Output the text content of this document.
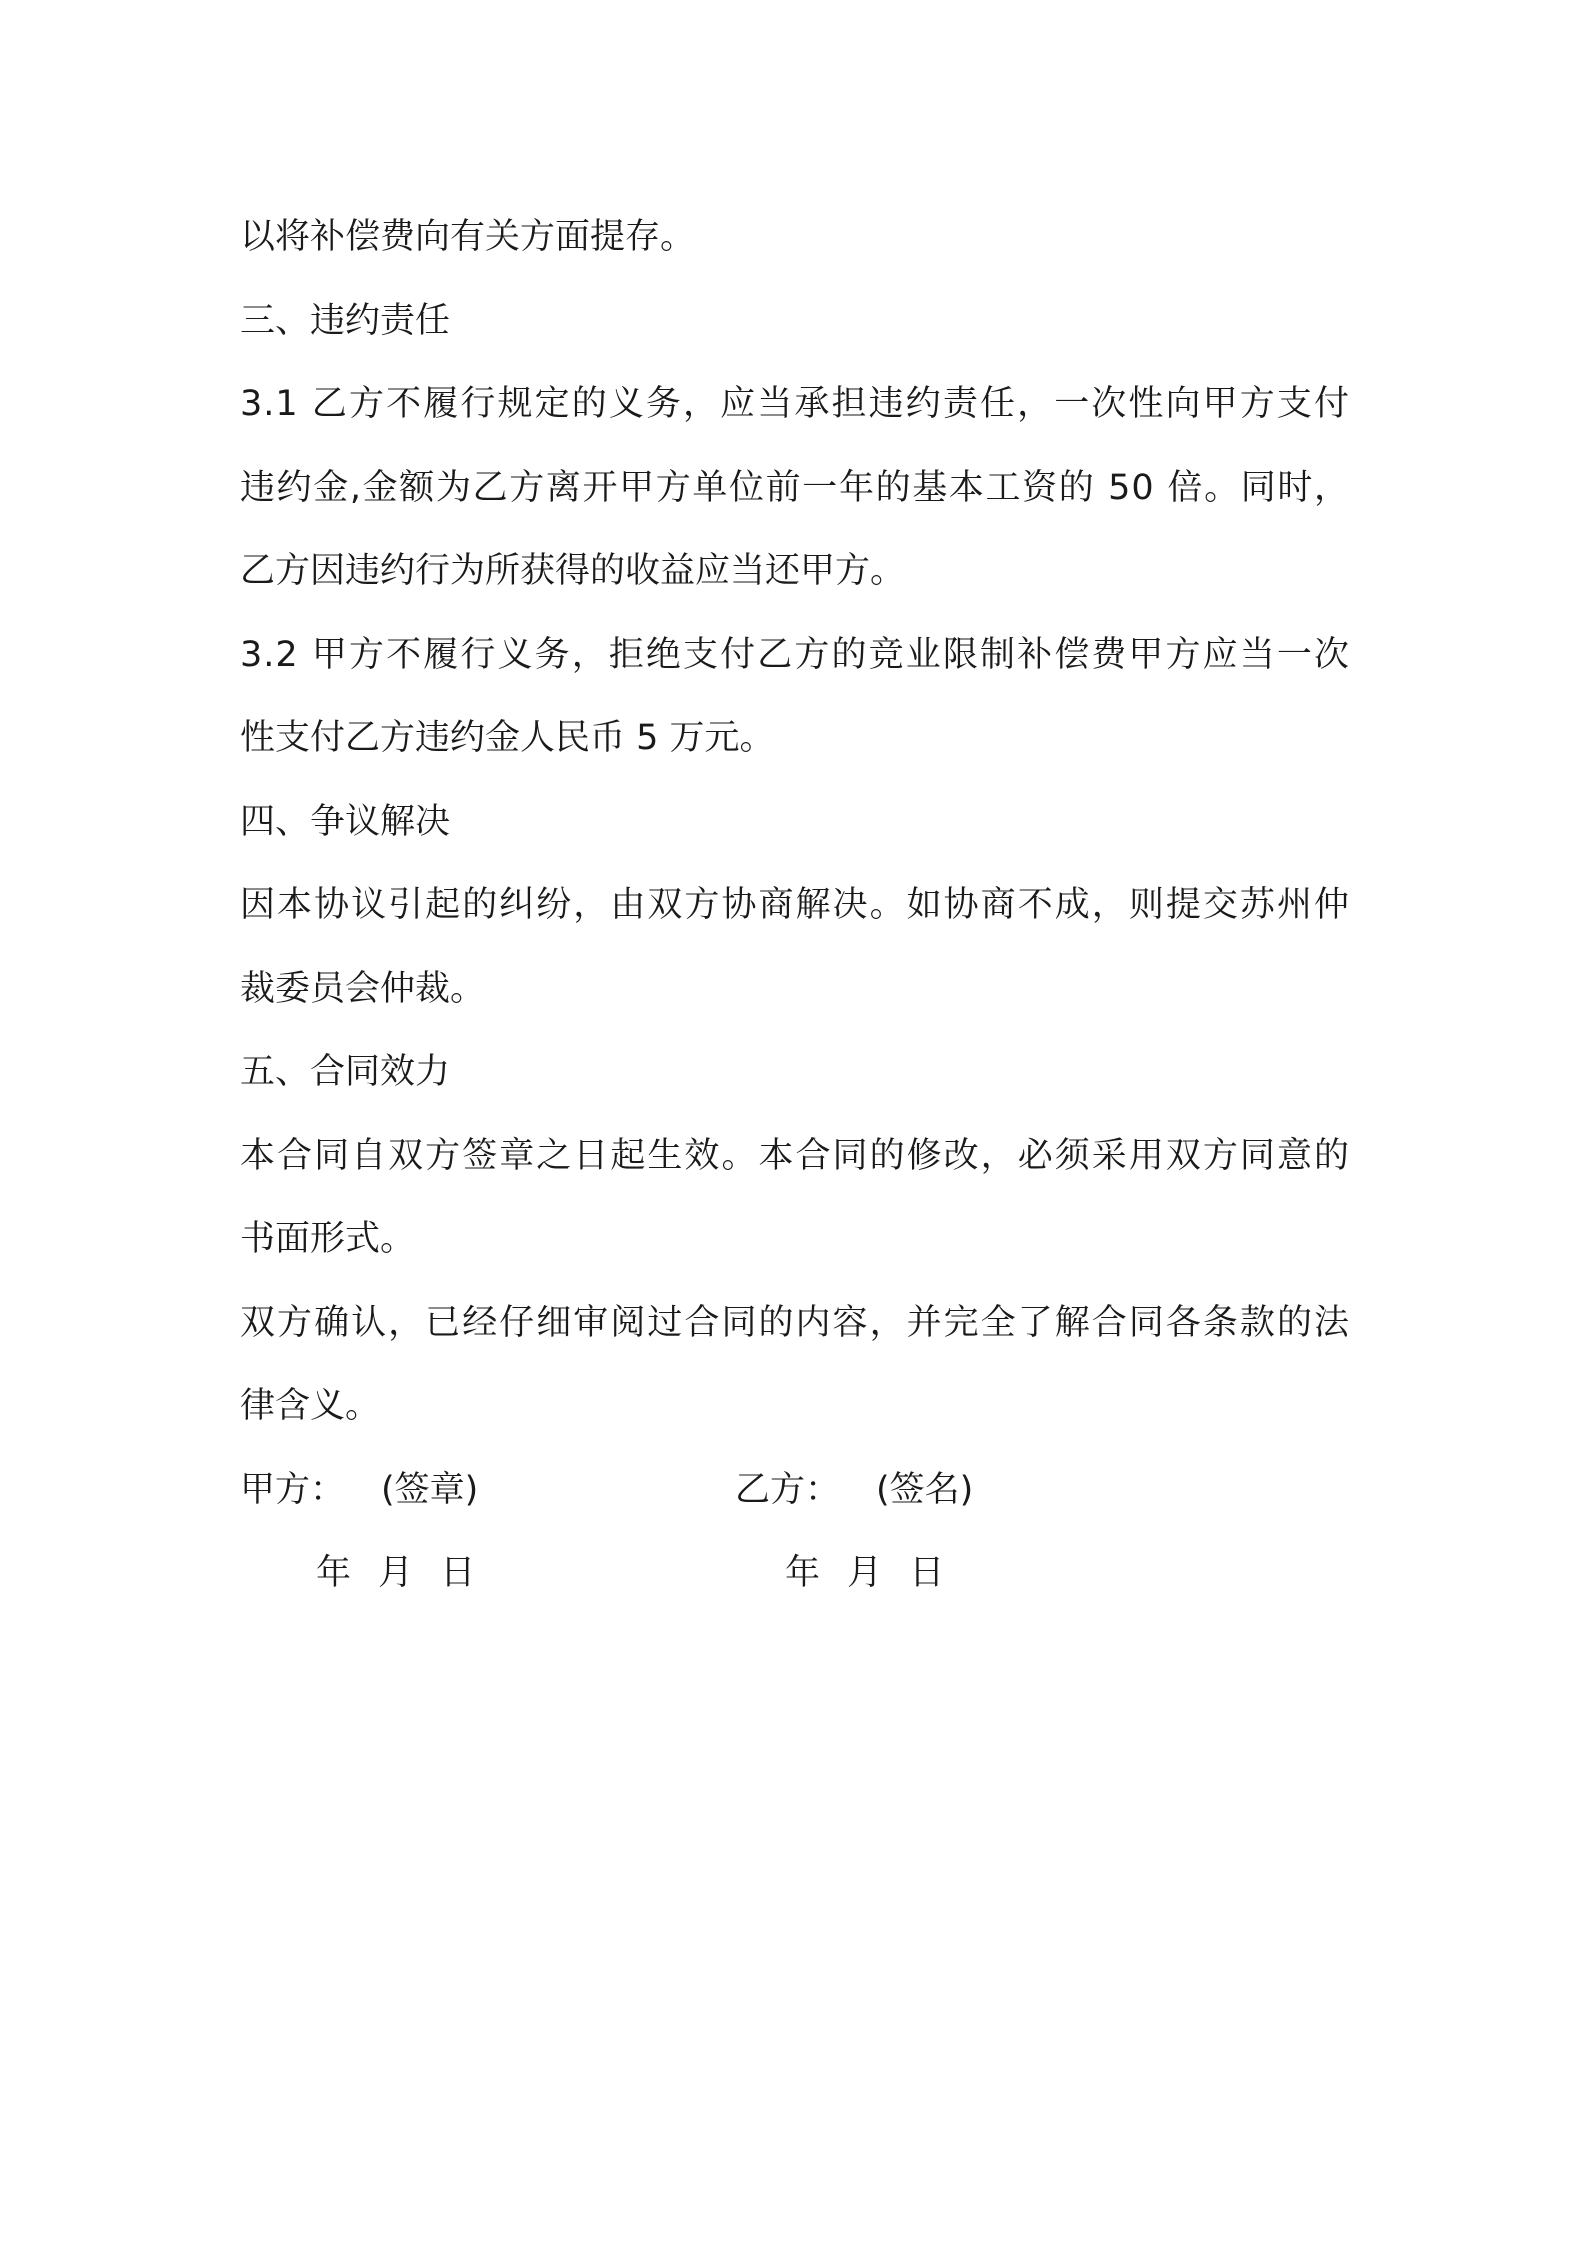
以将补偿费向有关方面提存。

三、违约责任

3.1 乙方不履行规定的义务，应当承担违约责任，一次性向甲方支付

违约金,金额为乙方离开甲方单位前一年的基本工资的 50 倍。同时，

乙方因违约行为所获得的收益应当还甲方。

3.2 甲方不履行义务，拒绝支付乙方的竞业限制补偿费甲方应当一次

性支付乙方违约金人民币 5 万元。

四、争议解决

因本协议引起的纠纷，由双方协商解决。如协商不成，则提交苏州仲

裁委员会仲裁。

五、合同效力

本合同自双方签章之日起生效。本合同的修改，必须采用双方同意的

书面形式。

双方确认，已经仔细审阅过合同的内容，并完全了解合同各条款的法

律含义。

甲方： (签章)	乙方： (签名)
年 月 日	年 月 日
